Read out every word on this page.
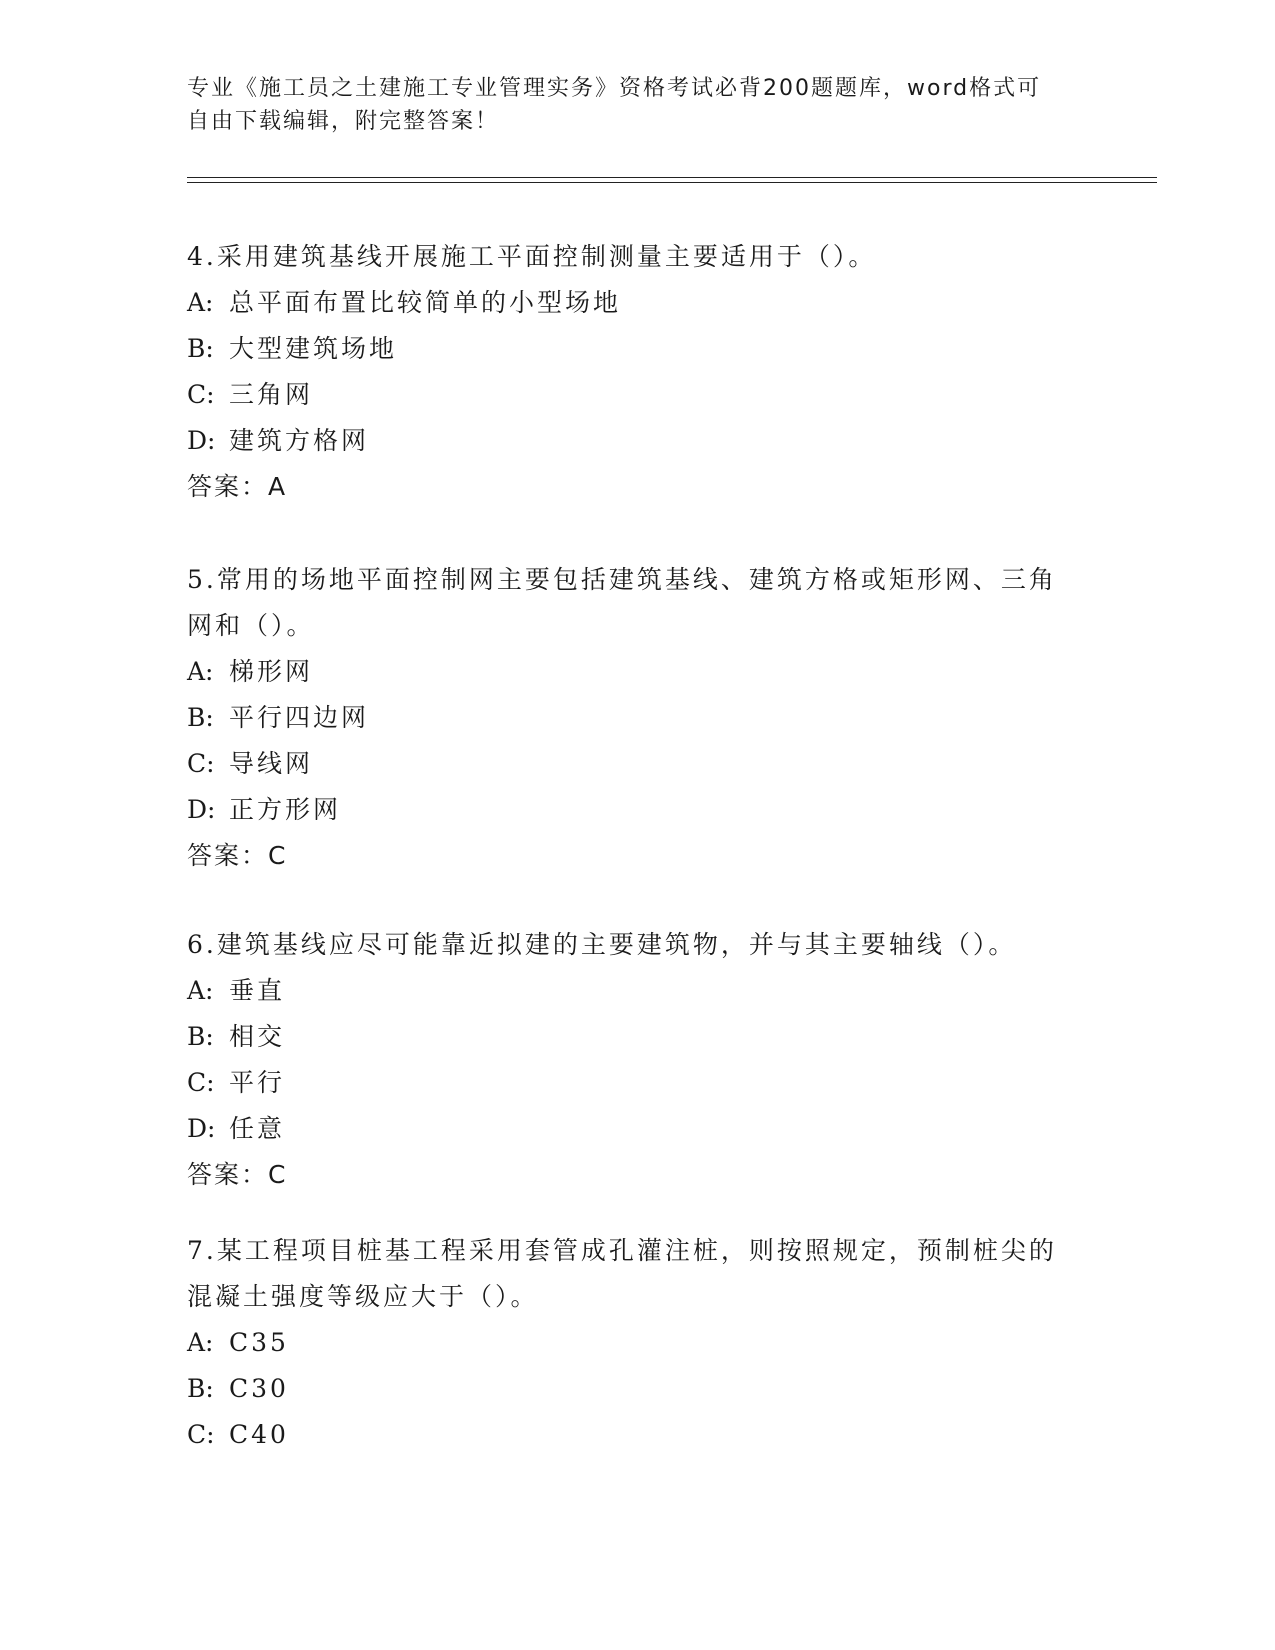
专业《施工员之土建施工专业管理实务》资格考试必背200题题库，word格式可
自由下载编辑，附完整答案！

4.采用建筑基线开展施工平面控制测量主要适用于（）。

A: 总平面布置比较简单的小型场地

B: 大型建筑场地

C: 三角网

D: 建筑方格网

答案：A

5.常用的场地平面控制网主要包括建筑基线、建筑方格或矩形网、三角网和（）。

A: 梯形网

B: 平行四边网

C: 导线网

D: 正方形网

答案：C

6.建筑基线应尽可能靠近拟建的主要建筑物，并与其主要轴线（）。

A: 垂直

B: 相交

C: 平行

D: 任意

答案：C

7.某工程项目桩基工程采用套管成孔灌注桩，则按照规定，预制桩尖的混凝土强度等级应大于（）。

A: C35

B: C30

C: C40
